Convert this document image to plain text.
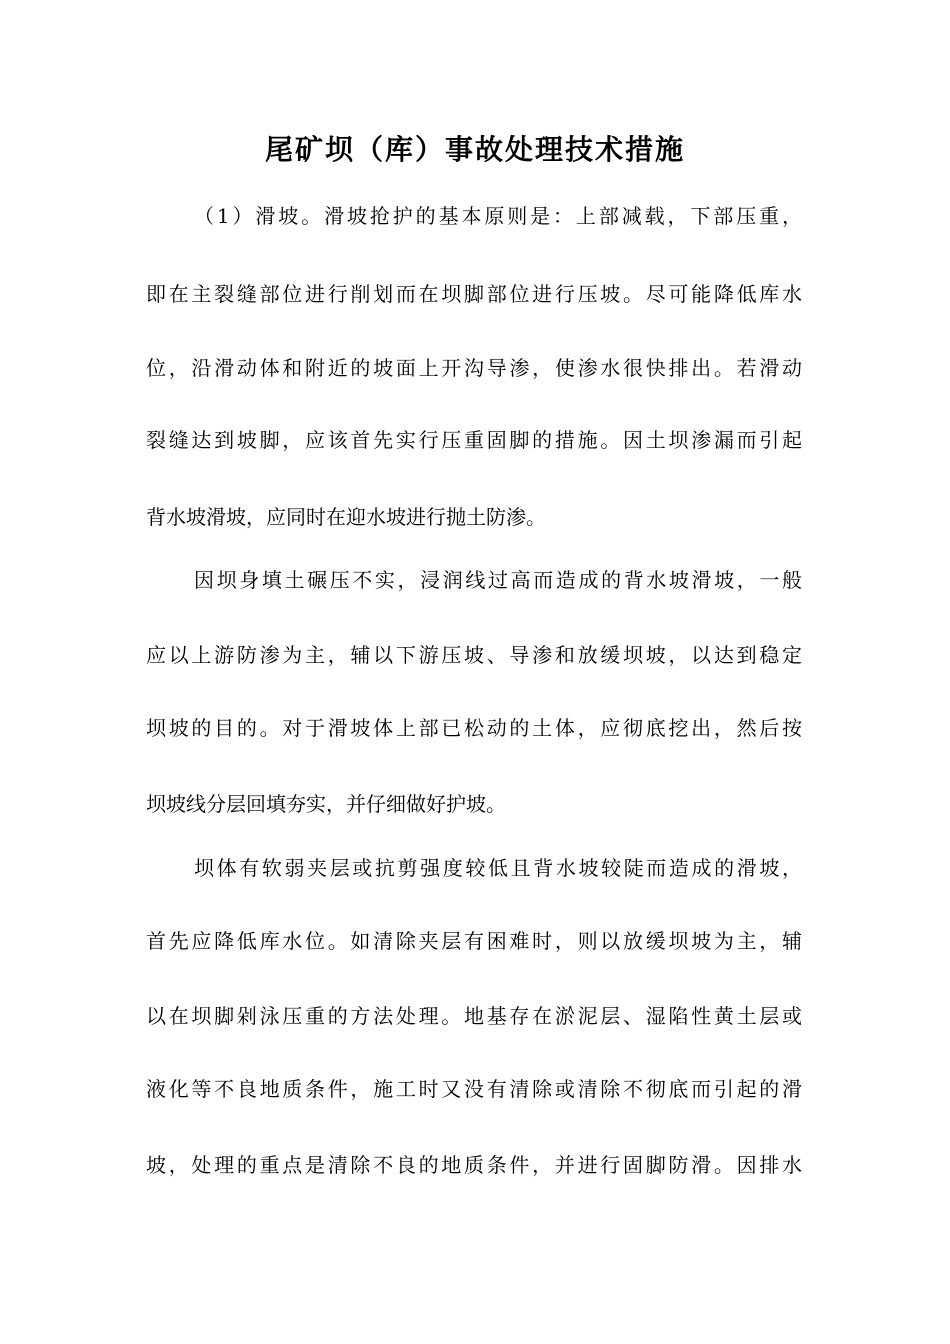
尾矿坝（库）事故处理技术措施
（1）滑坡。滑坡抢护的基本原则是：上部减载，下部压重，
即在主裂缝部位进行削划而在坝脚部位进行压坡。尽可能降低库水
位，沿滑动体和附近的坡面上开沟导渗，使渗水很快排出。若滑动
裂缝达到坡脚，应该首先实行压重固脚的措施。因土坝渗漏而引起
背水坡滑坡，应同时在迎水坡进行抛土防渗。
因坝身填土碾压不实，浸润线过高而造成的背水坡滑坡，一般
应以上游防渗为主，辅以下游压坡、导渗和放缓坝坡，以达到稳定
坝坡的目的。对于滑坡体上部已松动的土体，应彻底挖出，然后按
坝坡线分层回填夯实，并仔细做好护坡。
坝体有软弱夹层或抗剪强度较低且背水坡较陡而造成的滑坡，
首先应降低库水位。如清除夹层有困难时，则以放缓坝坡为主，辅
以在坝脚剁泳压重的方法处理。地基存在淤泥层、湿陷性黄土层或
液化等不良地质条件，施工时又没有清除或清除不彻底而引起的滑
坡，处理的重点是清除不良的地质条件，并进行固脚防滑。因排水
